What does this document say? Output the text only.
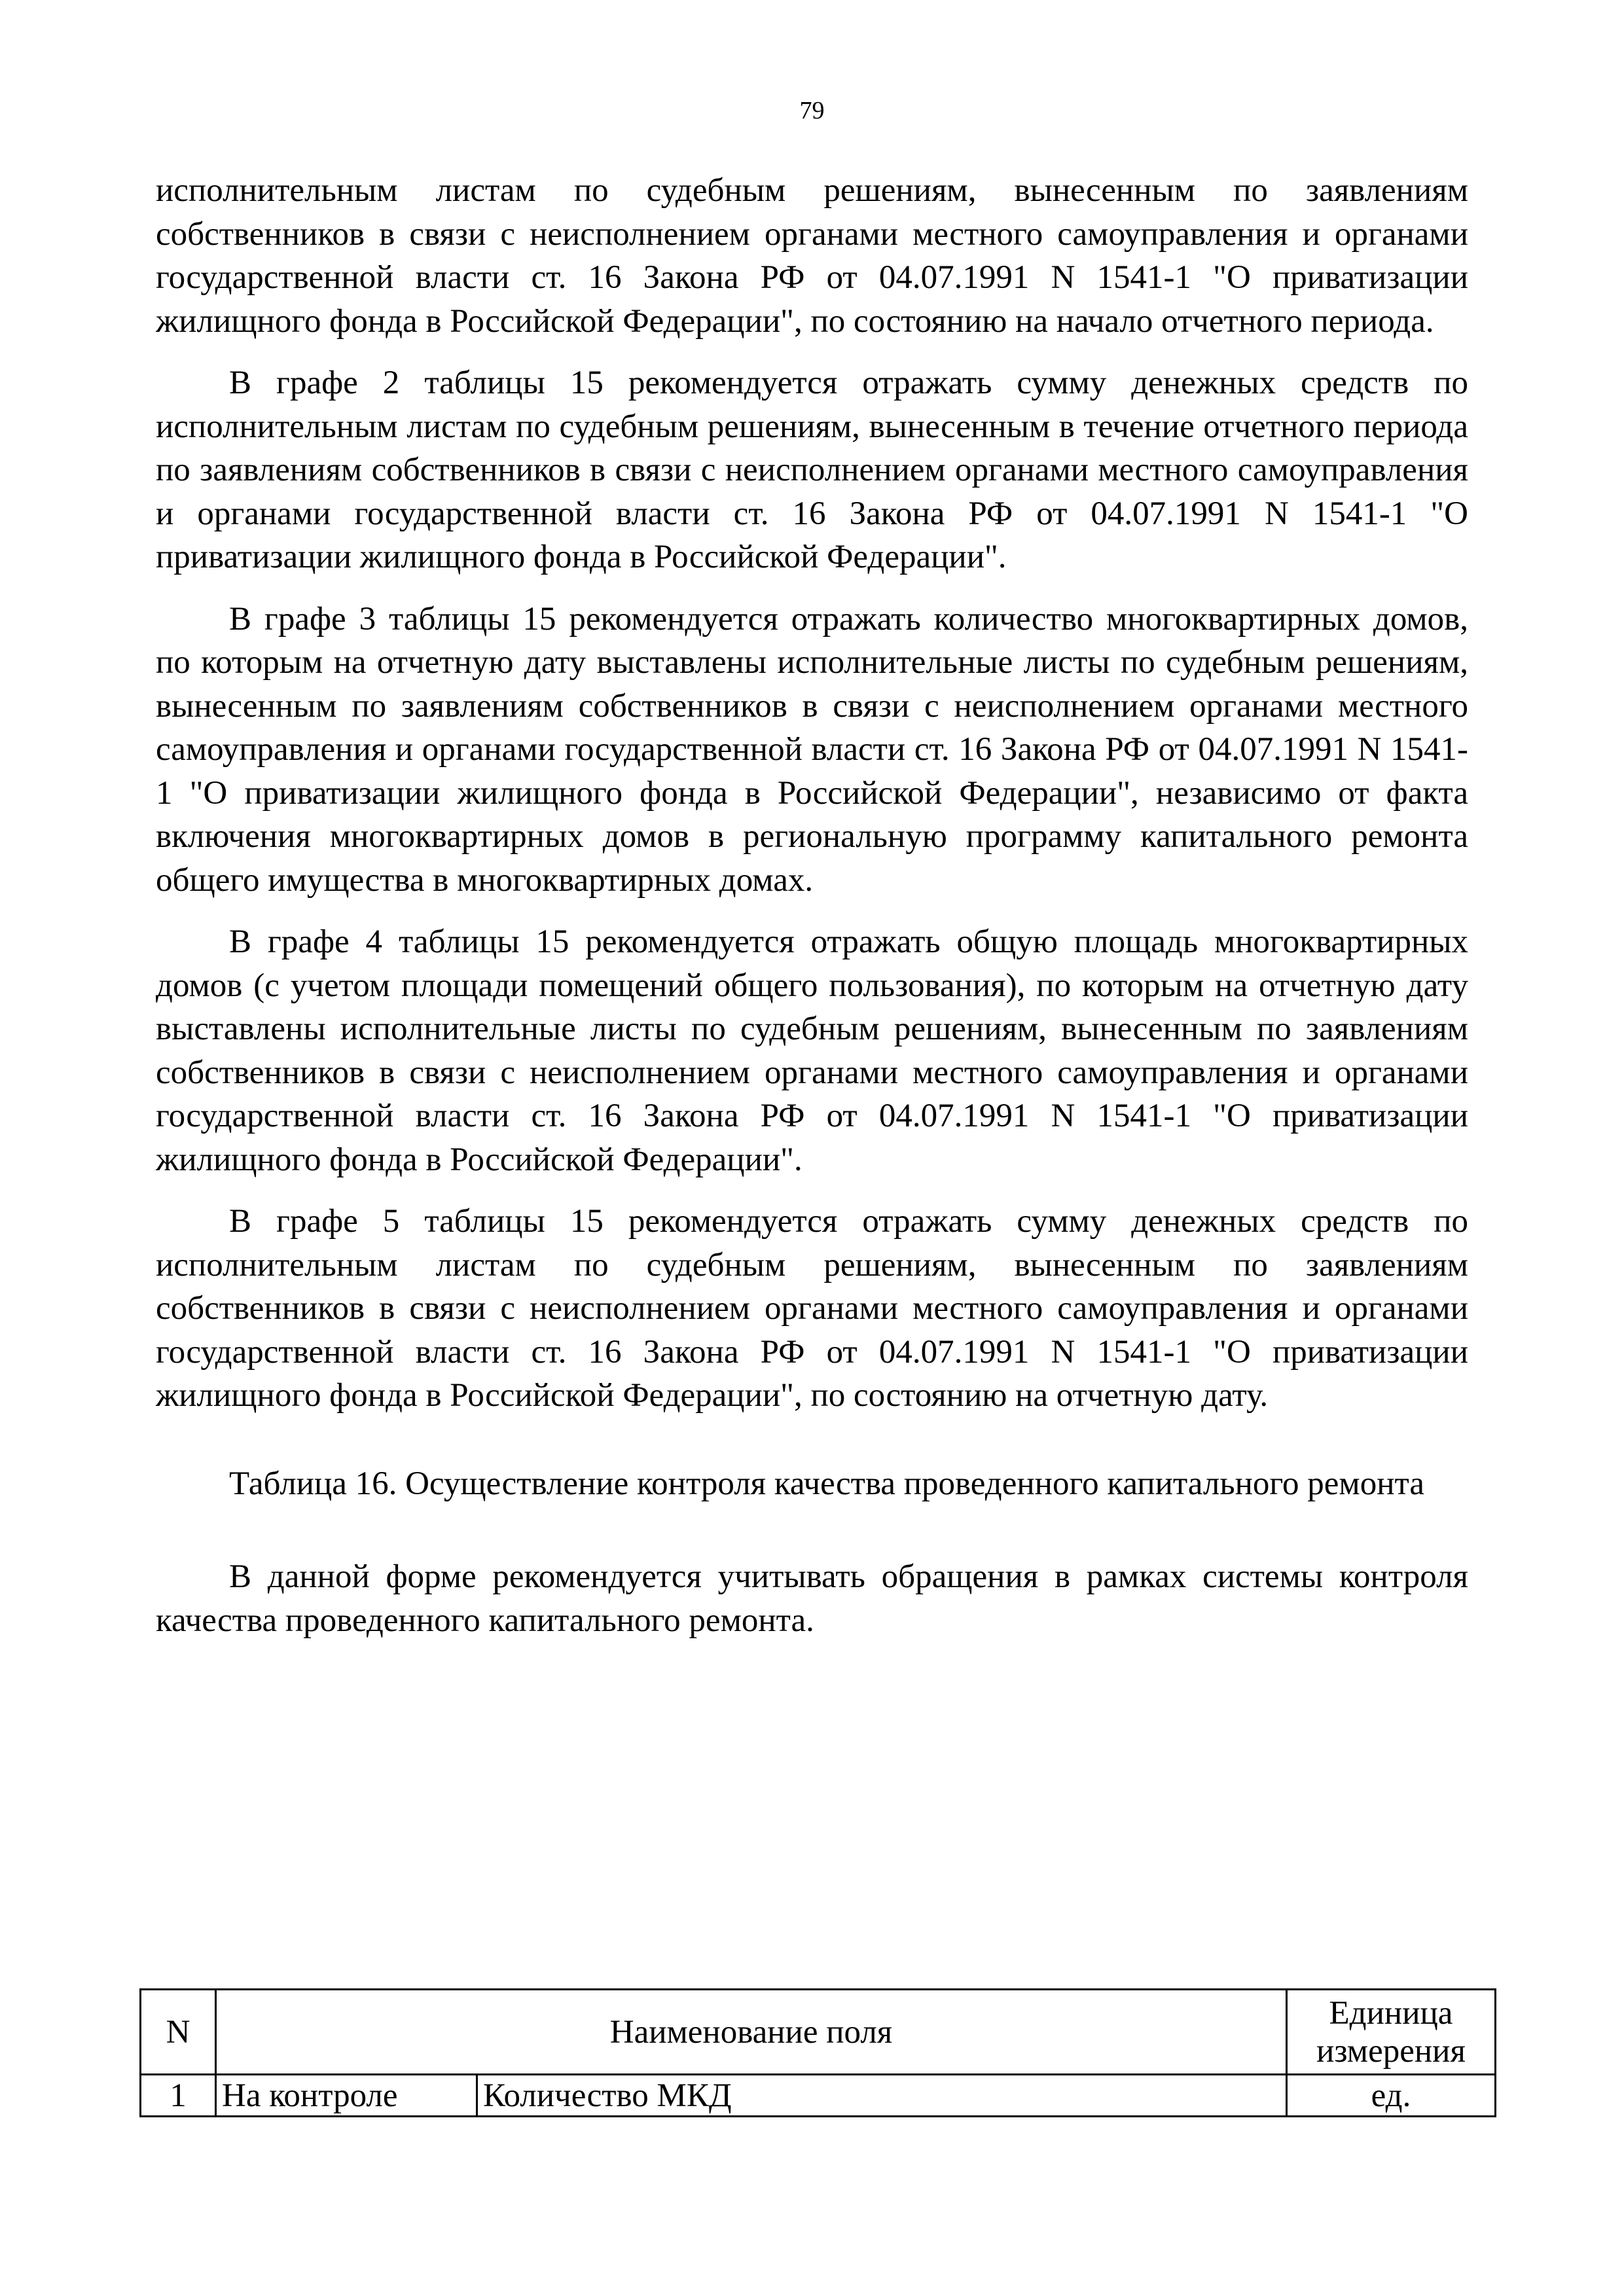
79

исполнительным листам по судебным решениям, вынесенным по заявлениям собственников в связи с неисполнением органами местного самоуправления и органами государственной власти ст. 16 Закона РФ от 04.07.1991 N 1541-1 "О приватизации жилищного фонда в Российской Федерации", по состоянию на начало отчетного периода.

В графе 2 таблицы 15 рекомендуется отражать сумму денежных средств по исполнительным листам по судебным решениям, вынесенным в течение отчетного периода по заявлениям собственников в связи с неисполнением органами местного самоуправления и органами государственной власти ст. 16 Закона РФ от 04.07.1991 N 1541-1 "О приватизации жилищного фонда в Российской Федерации".

В графе 3 таблицы 15 рекомендуется отражать количество многоквартирных домов, по которым на отчетную дату выставлены исполнительные листы по судебным решениям, вынесенным по заявлениям собственников в связи с неисполнением органами местного самоуправления и органами государственной власти ст. 16 Закона РФ от 04.07.1991 N 1541-1 "О приватизации жилищного фонда в Российской Федерации", независимо от факта включения многоквартирных домов в региональную программу капитального ремонта общего имущества в многоквартирных домах.

В графе 4 таблицы 15 рекомендуется отражать общую площадь многоквартирных домов (с учетом площади помещений общего пользования), по которым на отчетную дату выставлены исполнительные листы по судебным решениям, вынесенным по заявлениям собственников в связи с неисполнением органами местного самоуправления и органами государственной власти ст. 16 Закона РФ от 04.07.1991 N 1541-1 "О приватизации жилищного фонда в Российской Федерации".

В графе 5 таблицы 15 рекомендуется отражать сумму денежных средств по исполнительным листам по судебным решениям, вынесенным по заявлениям собственников в связи с неисполнением органами местного самоуправления и органами государственной власти ст. 16 Закона РФ от 04.07.1991 N 1541-1 "О приватизации жилищного фонда в Российской Федерации", по состоянию на отчетную дату.

Таблица 16. Осуществление контроля качества проведенного капитального ремонта

В данной форме рекомендуется учитывать обращения в рамках системы контроля качества проведенного капитального ремонта.

N	Наименование поля		Единица измерения
1	На контроле	Количество МКД	ед.
